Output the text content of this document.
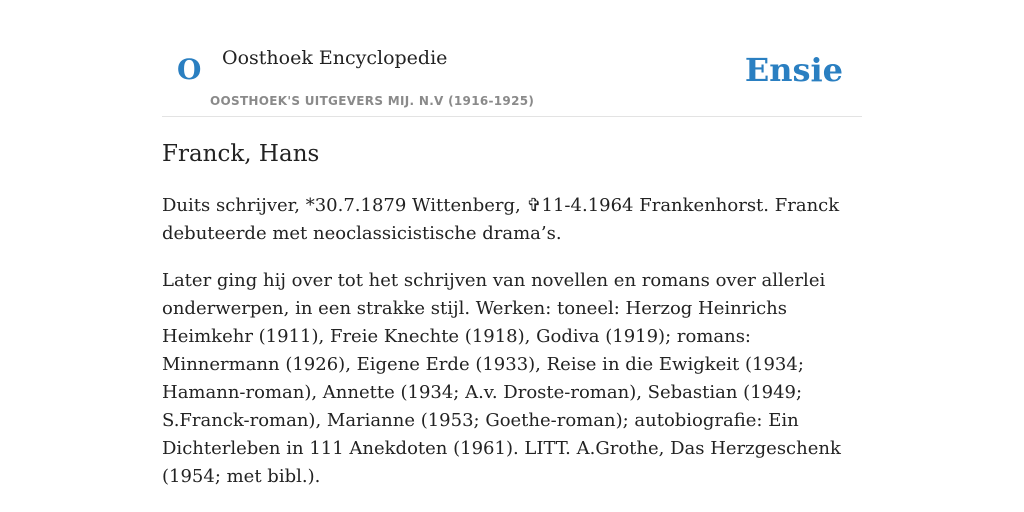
O Oosthoek Encyclopedie
OOSTHOEK'S UITGEVERS MIJ. N.V (1916-1925)
Ensie
Franck, Hans

Duits schrijver, *30.7.1879 Wittenberg, ✞11-4.1964 Frankenhorst. Franck debuteerde met neoclassicistische drama’s.

Later ging hij over tot het schrijven van novellen en romans over allerlei onderwerpen, in een strakke stijl. Werken: toneel: Herzog Heinrichs Heimkehr (1911), Freie Knechte (1918), Godiva (1919); romans: Minnermann (1926), Eigene Erde (1933), Reise in die Ewigkeit (1934; Hamann-roman), Annette (1934; A.v. Droste-roman), Sebastian (1949; S.Franck-roman), Marianne (1953; Goethe-roman); autobiografie: Ein Dichterleben in 111 Anekdoten (1961). LITT. A.Grothe, Das Herzgeschenk (1954; met bibl.).
